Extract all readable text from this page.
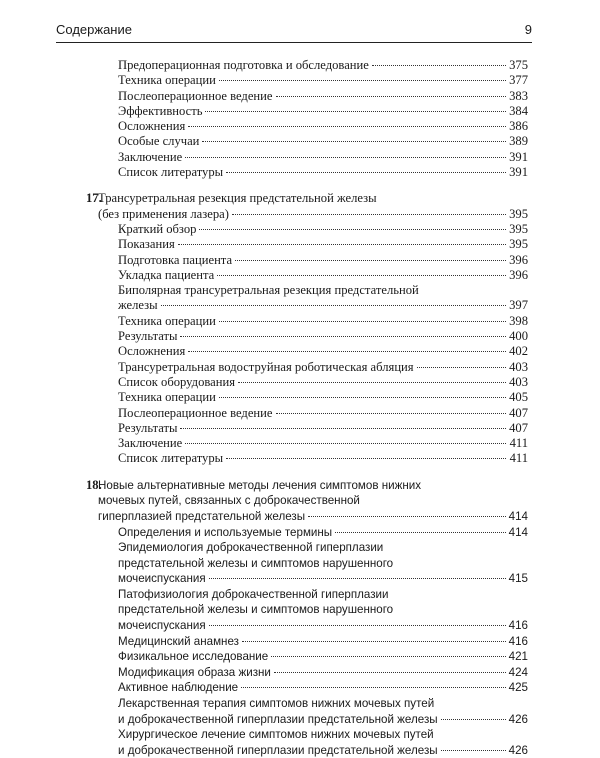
Содержание	9
Предоперационная подготовка и обследование	375
Техника операции	377
Послеоперационное ведение	383
Эффективность	384
Осложнения	386
Особые случаи	389
Заключение	391
Список литературы	391
17.
Трансуретральная резекция предстательной железы
(без применения лазера)	395
Краткий обзор	395
Показания	395
Подготовка пациента	396
Укладка пациента	396
Биполярная трансуретральная резекция предстательной
железы	397
Техника операции	398
Результаты	400
Осложнения	402
Трансуретральная водоструйная роботическая абляция	403
Список оборудования	403
Техника операции	405
Послеоперационное ведение	407
Результаты	407
Заключение	411
Список литературы	411
18.
Новые альтернативные методы лечения симптомов нижних
мочевых путей, связанных с доброкачественной
гиперплазией предстательной железы	414
Определения и используемые термины	414
Эпидемиология доброкачественной гиперплазии
предстательной железы и симптомов нарушенного
мочеиспускания	415
Патофизиология доброкачественной гиперплазии
предстательной железы и симптомов нарушенного
мочеиспускания	416
Медицинский анамнез	416
Физикальное исследование	421
Модификация образа жизни	424
Активное наблюдение	425
Лекарственная терапия симптомов нижних мочевых путей
и доброкачественной гиперплазии предстательной железы	426
Хирургическое лечение симптомов нижних мочевых путей
и доброкачественной гиперплазии предстательной железы	426
